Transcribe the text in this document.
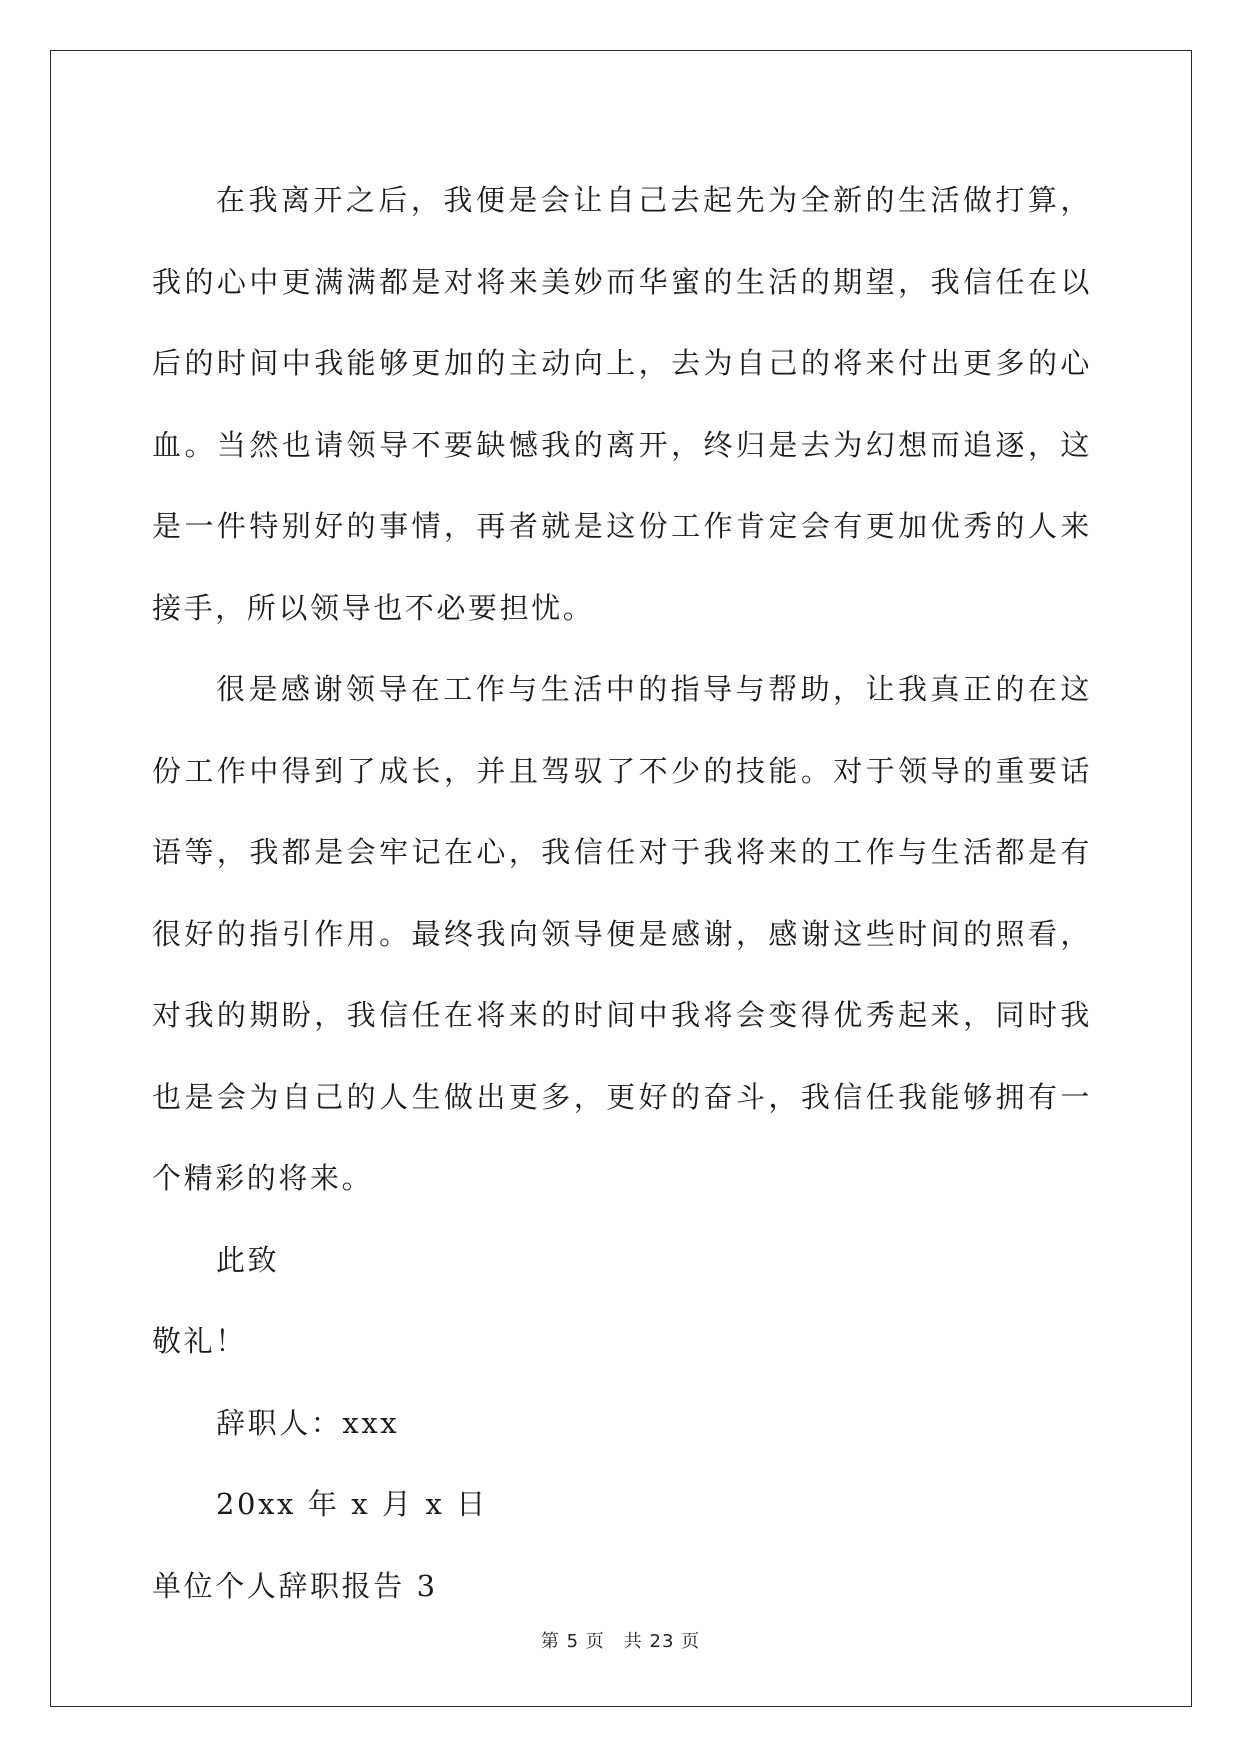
在我离开之后，我便是会让自己去起先为全新的生活做打算，我的心中更满满都是对将来美妙而华蜜的生活的期望，我信任在以后的时间中我能够更加的主动向上，去为自己的将来付出更多的心血。当然也请领导不要缺憾我的离开，终归是去为幻想而追逐，这是一件特别好的事情，再者就是这份工作肯定会有更加优秀的人来接手，所以领导也不必要担忧。

很是感谢领导在工作与生活中的指导与帮助，让我真正的在这份工作中得到了成长，并且驾驭了不少的技能。对于领导的重要话语等，我都是会牢记在心，我信任对于我将来的工作与生活都是有很好的指引作用。最终我向领导便是感谢，感谢这些时间的照看，对我的期盼，我信任在将来的时间中我将会变得优秀起来，同时我也是会为自己的人生做出更多，更好的奋斗，我信任我能够拥有一个精彩的将来。

此致

敬礼！

辞职人：xxx

20xx 年 x 月 x 日

单位个人辞职报告 3

第 5 页　共 23 页
